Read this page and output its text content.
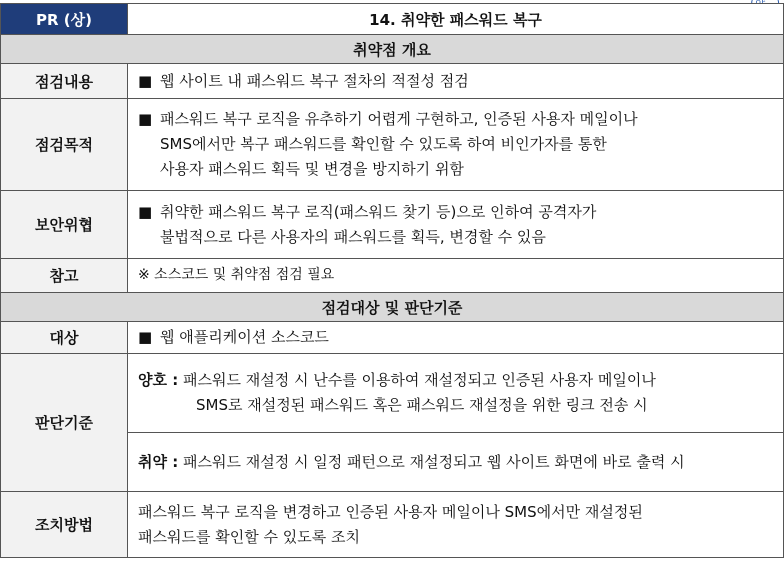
PR (상)	14. 취약한 패스워드 복구
취약점 개요	
점검내용	■ 웹 사이트 내 패스워드 복구 절차의 적절성 점검
점검목적	■ 패스워드 복구 로직을 유추하기 어렵게 구현하고, 인증된 사용자 메일이나
SMS에서만 복구 패스워드를 확인할 수 있도록 하여 비인가자를 통한
사용자 패스워드 획득 및 변경을 방지하기 위함

보안위협	■ 취약한 패스워드 복구 로직(패스워드 찾기 등)으로 인하여 공격자가
불법적으로 다른 사용자의 패스워드를 획득, 변경할 수 있음

참고	※ 소스코드 및 취약점 점검 필요
점검대상 및 판단기준	
대상	■ 웹 애플리케이션 소스코드
판단기준	양호 : 패스워드 재설정 시 난수를 이용하여 재설정되고 인증된 사용자 메일이나
SMS로 재설정된 패스워드 혹은 패스워드 재설정을 위한 링크 전송 시
취약 : 패스워드 재설정 시 일정 패턴으로 재설정되고 웹 사이트 화면에 바로 출력 시

조치방법	패스워드 복구 로직을 변경하고 인증된 사용자 메일이나 SMS에서만 재설정된
패스워드를 확인할 수 있도록 조치
